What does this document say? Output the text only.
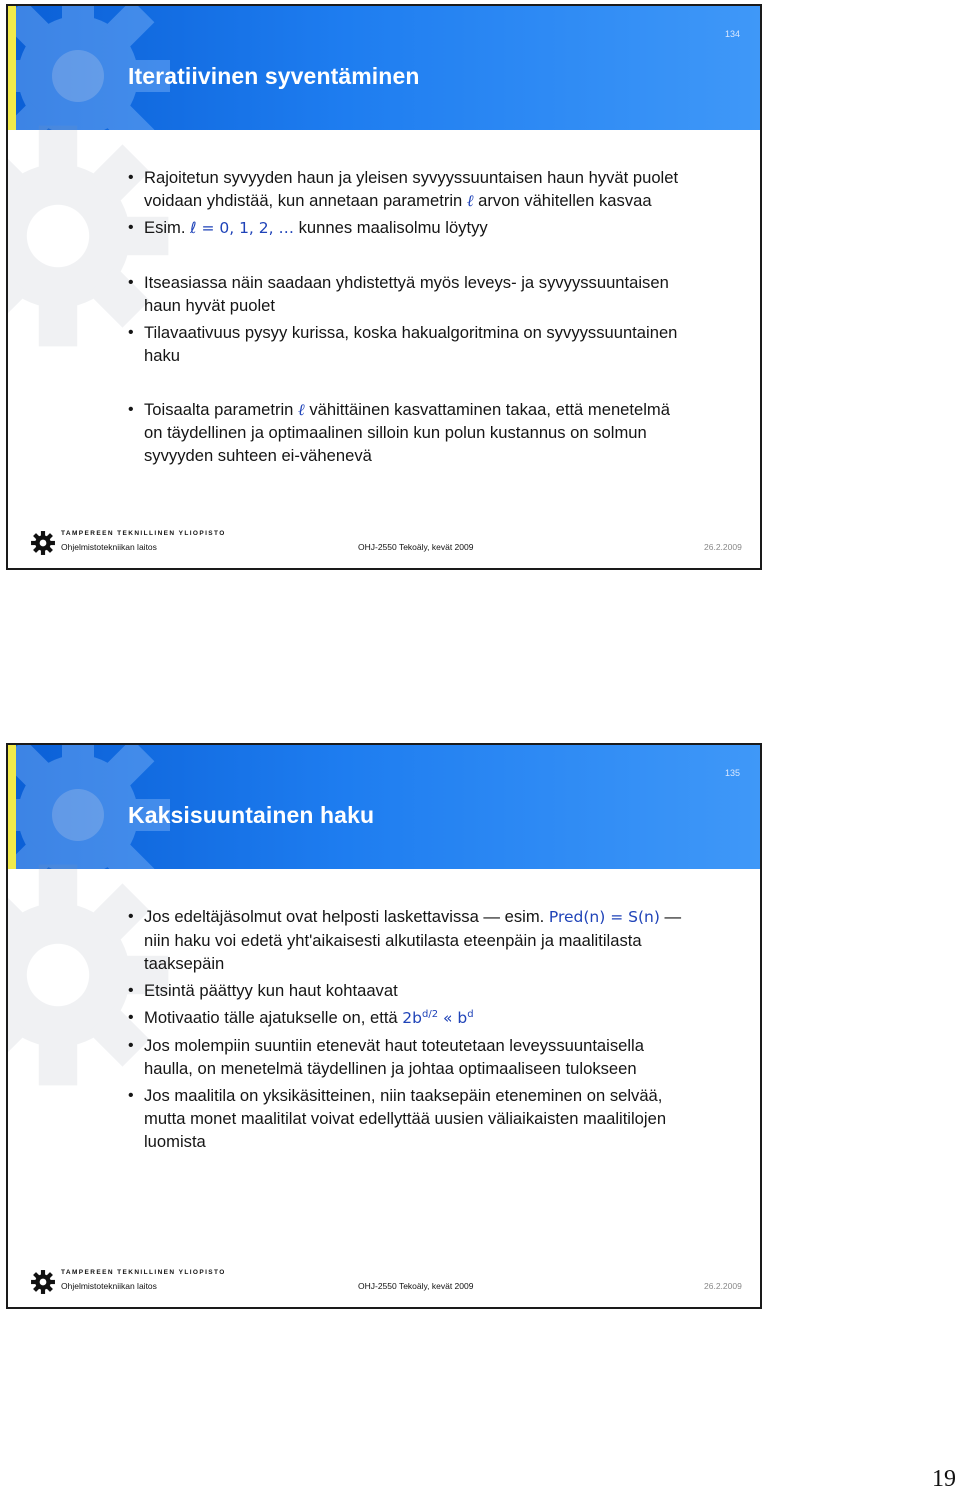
134
Iteratiivinen syventäminen
• Rajoitetun syvyyden haun ja yleisen syvyyssuuntaisen haun hyvät puolet voidaan yhdistää, kun annetaan parametrin ℓ arvon vähitellen kasvaa
• Esim. ℓ = 0, 1, 2, … kunnes maalisolmu löytyy
• Itseasiassa näin saadaan yhdistettyä myös leveys- ja syvyyssuuntaisen haun hyvät puolet
• Tilavaativuus pysyy kurissa, koska hakualgoritmina on syvyyssuuntainen haku
• Toisaalta parametrin ℓ vähittäinen kasvattaminen takaa, että menetelmä on täydellinen ja optimaalinen silloin kun polun kustannus on solmun syvyyden suhteen ei-vähenevä
TAMPEREEN TEKNILLINEN YLIOPISTO
Ohjelmistotekniikan laitos	OHJ-2550 Tekoäly, kevät 2009	26.2.2009
135
Kaksisuuntainen haku
• Jos edeltäjäsolmut ovat helposti laskettavissa — esim. Pred(n) = S(n) — niin haku voi edetä yht'aikaisesti alkutilasta eteenpäin ja maalitilasta taaksepäin
• Etsintä päättyy kun haut kohtaavat
• Motivaatio tälle ajatukselle on, että $2b^{d/2}$ « $b^d$
• Jos molempiin suuntiin etenevät haut toteutetaan leveyssuuntaisella haulla, on menetelmä täydellinen ja johtaa optimaaliseen tulokseen
• Jos maalitila on yksikäsitteinen, niin taaksepäin eteneminen on selvää, mutta monet maalitilat voivat edellyttää uusien väliaikaisten maalitilojen luomista
TAMPEREEN TEKNILLINEN YLIOPISTO
Ohjelmistotekniikan laitos	OHJ-2550 Tekoäly, kevät 2009	26.2.2009
19
